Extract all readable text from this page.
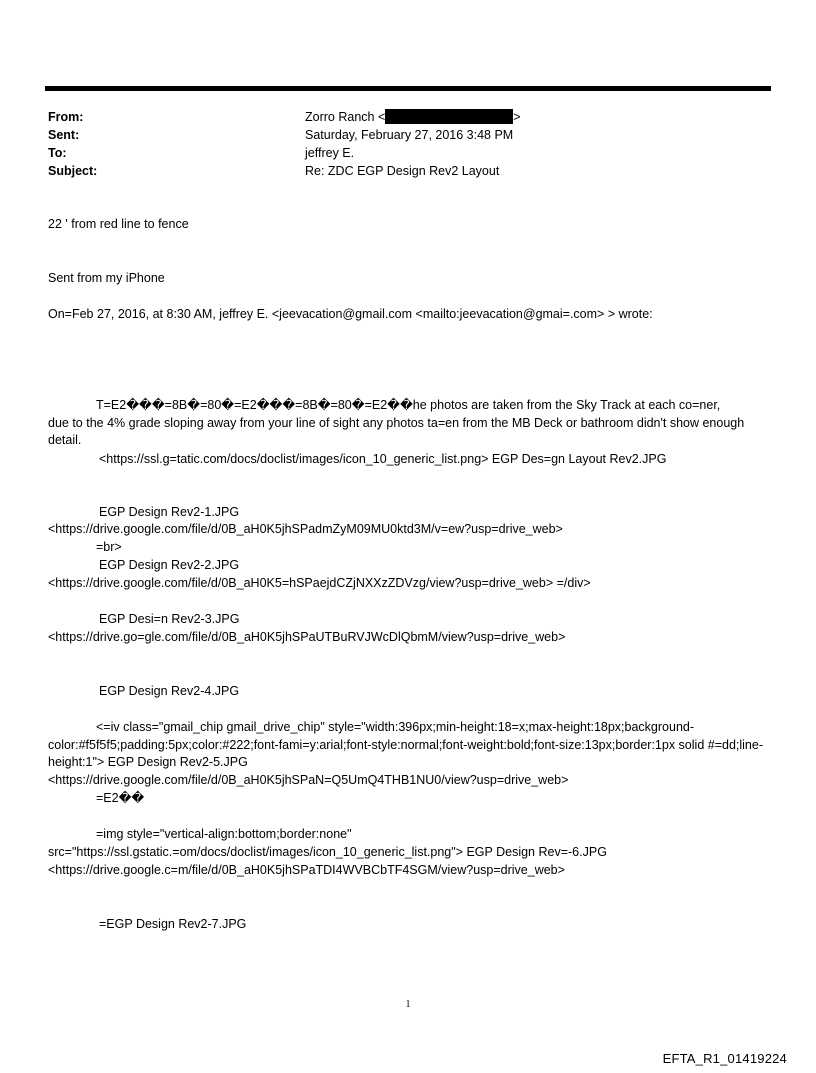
From:	Zorro Ranch <	>
Sent:	Saturday, February 27, 2016 3:48 PM
To:	jeffrey E.
Subject:	Re: ZDC EGP Design Rev2 Layout
22 ' from red line to fence
Sent from my iPhone
On=Feb 27, 2016, at 8:30 AM, jeffrey E. <jeevacation@gmail.com <mailto:jeevacation@gmai=.com> > wrote:
T=E2���=8B�=80�=E2���=8B�=80�=E2��he photos are taken from the Sky Track at each co=ner,
due to the 4% grade sloping away from your line of sight any photos ta=en from the MB Deck or bathroom didn't show enough detail.
<https://ssl.g=tatic.com/docs/doclist/images/icon_10_generic_list.png> EGP Des=gn Layout Rev2.JPG
EGP Design Rev2-1.JPG
<https://drive.google.com/file/d/0B_aH0K5jhSPadmZyM09MU0ktd3M/v=ew?usp=drive_web>
=br>
EGP Design Rev2-2.JPG
<https://drive.google.com/file/d/0B_aH0K5=hSPaejdCZjNXXzZDVzg/view?usp=drive_web> =/div>
EGP Desi=n Rev2-3.JPG
<https://drive.go=gle.com/file/d/0B_aH0K5jhSPaUTBuRVJWcDlQbmM/view?usp=drive_web>
EGP Design Rev2-4.JPG
<=iv class="gmail_chip gmail_drive_chip" style="width:396px;min-height:18=x;max-height:18px;background-
color:#f5f5f5;padding:5px;color:#222;font-fami=y:arial;font-style:normal;font-weight:bold;font-size:13px;border:1px solid #=dd;line-height:1"> EGP Design Rev2-5.JPG
<https://drive.google.com/file/d/0B_aH0K5jhSPaN=Q5UmQ4THB1NU0/view?usp=drive_web>
=E2��
=img style="vertical-align:bottom;border:none"
src="https://ssl.gstatic.=om/docs/doclist/images/icon_10_generic_list.png"> EGP Design Rev=-6.JPG
<https://drive.google.c=m/file/d/0B_aH0K5jhSPaTDI4WVBCbTF4SGM/view?usp=drive_web>
=EGP Design Rev2-7.JPG
1
EFTA_R1_01419224
